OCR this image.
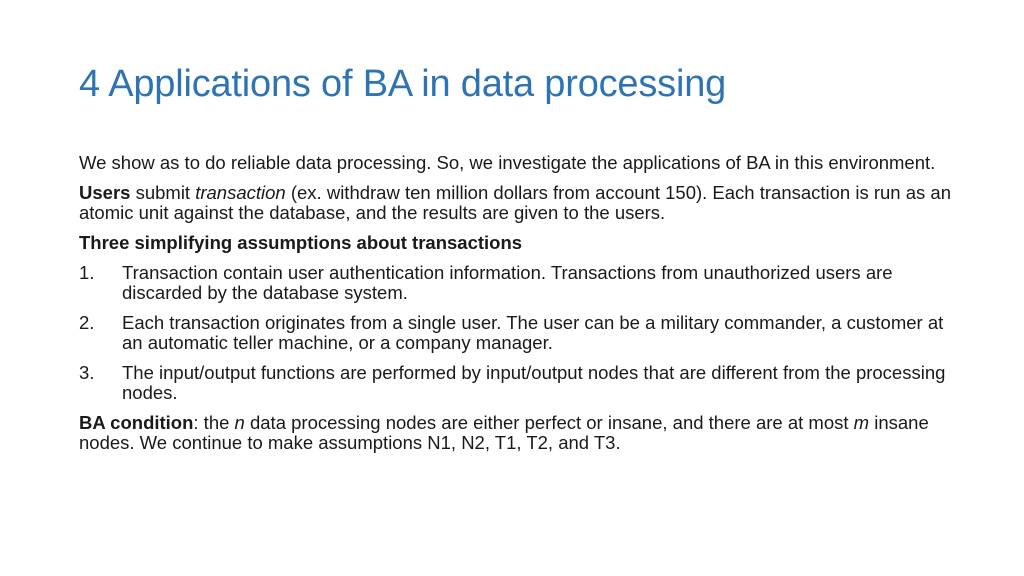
4 Applications of BA in data processing

We show as to do reliable data processing. So, we investigate the applications of BA in this environment.

Users submit transaction (ex. withdraw ten million dollars from account 150). Each transaction is run as an atomic unit against the database, and the results are given to the users.

Three simplifying assumptions about transactions

1. Transaction contain user authentication information. Transactions from unauthorized users are discarded by the database system.
2. Each transaction originates from a single user. The user can be a military commander, a customer at an automatic teller machine, or a company manager.
3. The input/output functions are performed by input/output nodes that are different from the processing nodes.

BA condition: the n data processing nodes are either perfect or insane, and there are at most m insane nodes. We continue to make assumptions N1, N2, T1, T2, and T3.
